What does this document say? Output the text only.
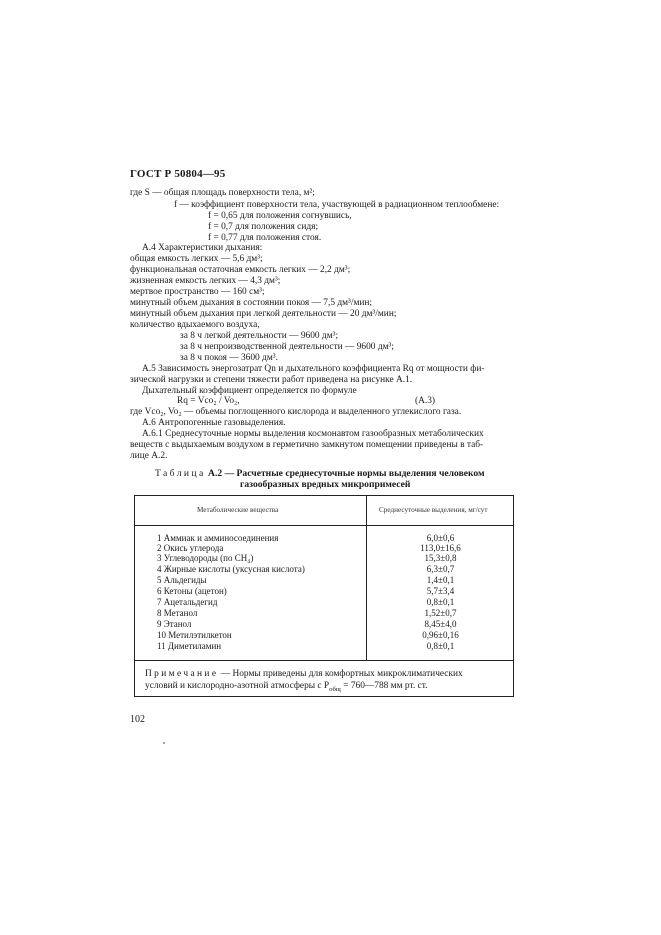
ГОСТ Р 50804—95
где S — общая площадь поверхности тела, м²;
f — коэффициент поверхности тела, участвующей в радиационном теплообмене:
f = 0,65 для положения согнувшись,
f = 0,7 для положения сидя;
f = 0,77 для положения стоя.
А.4 Характеристики дыхания:
общая емкость легких — 5,6 дм³;
функциональная остаточная емкость легких — 2,2 дм³;
жизненная емкость легких — 4,3 дм³;
мертвое пространство — 160 см³;
минутный объем дыхания в состоянии покоя — 7,5 дм³/мин;
минутный объем дыхания при легкой деятельности — 20 дм³/мин;
количество вдыхаемого воздуха,
за 8 ч легкой деятельности — 9600 дм³;
за 8 ч непроизводственной деятельности — 9600 дм³;
за 8 ч покоя — 3600 дм³.
А.5 Зависимость энергозатрат Qn и дыхательного коэффициента Rq от мощности фи-
зической нагрузки и степени тяжести работ приведена на рисунке А.1.
Дыхательный коэффициент определяется по формуле
Rq = Vco₂ / Vo₂,	(А.3)
где Vco₂, Vo₂ — объемы поглощенного кислорода и выделенного углекислого газа.
А.6 Антропогенные газовыделения.
А.6.1 Среднесуточные нормы выделения космонавтом газообразных метаболических
веществ с выдыхаемым воздухом в герметично замкнутом помещении приведены в таб-
лице А.2.
Таблица А.2 — Расчетные среднесуточные нормы выделения человеком
газообразных вредных микропримесей
Метаболические вещества	Среднесуточные выделения, мг/сут
1 Аммиак и амминосоединения	6,0±0,6
2 Окись углерода	113,0±16,6
3 Углеводороды (по CH₄)	15,3±0,8
4 Жирные кислоты (уксусная кислота)	6,3±0,7
5 Альдегиды	1,4±0,1
6 Кетоны (ацетон)	5,7±3,4
7 Ацетальдегид	0,8±0,1
8 Метанол	1,52±0,7
9 Этанол	8,45±4,0
10 Метилэтилкетон	0,96±0,16
11 Диметиламин	0,8±0,1
Примечание — Нормы приведены для комфортных микроклиматических
условий и кислородно-азотной атмосферы с $P_{общ}$ = 760—788 мм рт. ст.
102
